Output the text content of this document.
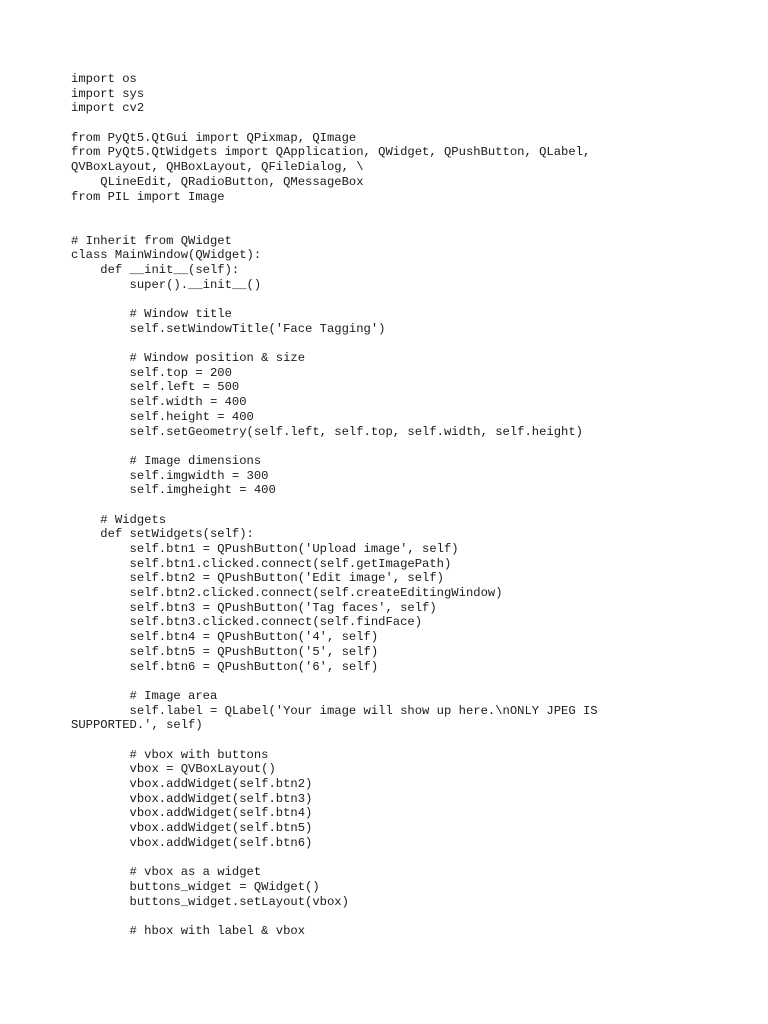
import os
import sys
import cv2
from PyQt5.QtGui import QPixmap, QImage
from PyQt5.QtWidgets import QApplication, QWidget, QPushButton, QLabel,
QVBoxLayout, QHBoxLayout, QFileDialog, \
QLineEdit, QRadioButton, QMessageBox
from PIL import Image
# Inherit from QWidget
class MainWindow(QWidget):
def __init__(self):
super().__init__()
# Window title
self.setWindowTitle('Face Tagging')
# Window position & size
self.top = 200
self.left = 500
self.width = 400
self.height = 400
self.setGeometry(self.left, self.top, self.width, self.height)
# Image dimensions
self.imgwidth = 300
self.imgheight = 400
# Widgets
def setWidgets(self):
self.btn1 = QPushButton('Upload image', self)
self.btn1.clicked.connect(self.getImagePath)
self.btn2 = QPushButton('Edit image', self)
self.btn2.clicked.connect(self.createEditingWindow)
self.btn3 = QPushButton('Tag faces', self)
self.btn3.clicked.connect(self.findFace)
self.btn4 = QPushButton('4', self)
self.btn5 = QPushButton('5', self)
self.btn6 = QPushButton('6', self)
# Image area
self.label = QLabel('Your image will show up here.\nONLY JPEG IS
SUPPORTED.', self)
# vbox with buttons
vbox = QVBoxLayout()
vbox.addWidget(self.btn2)
vbox.addWidget(self.btn3)
vbox.addWidget(self.btn4)
vbox.addWidget(self.btn5)
vbox.addWidget(self.btn6)
# vbox as a widget
buttons_widget = QWidget()
buttons_widget.setLayout(vbox)
# hbox with label & vbox
